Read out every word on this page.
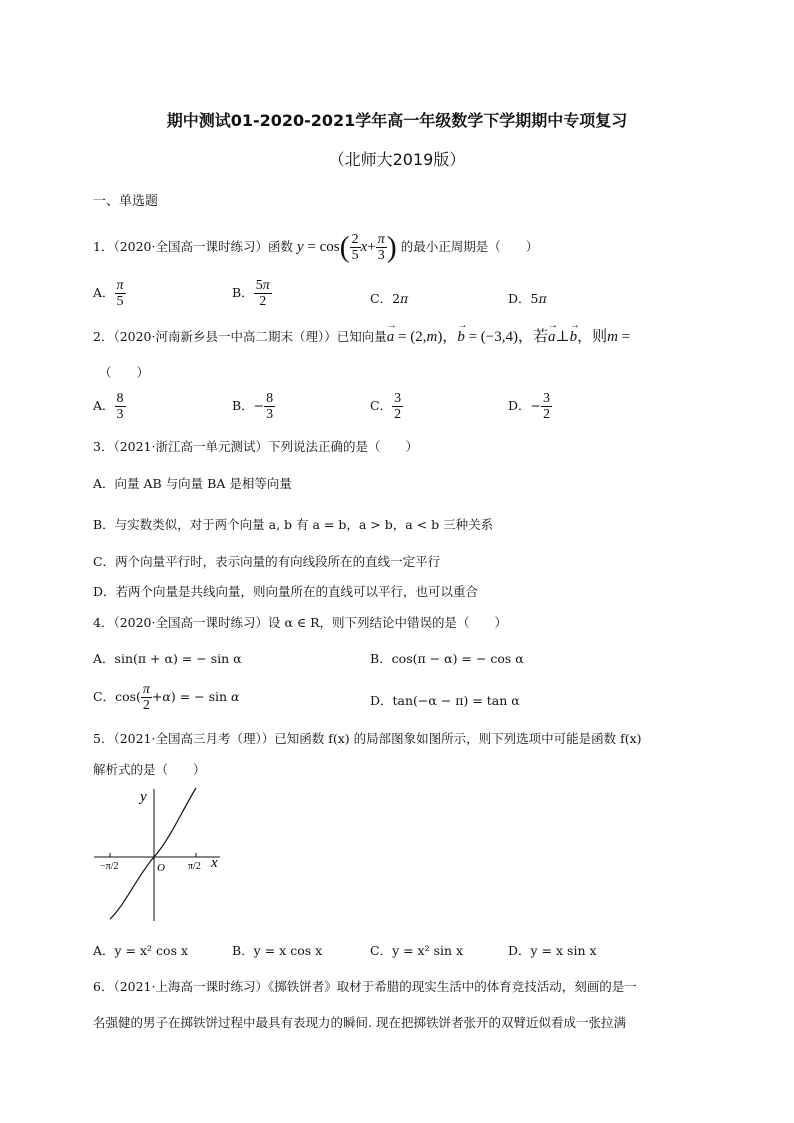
期中测试01-2020-2021学年高一年级数学下学期期中专项复习
（北师大2019版）
一、单选题
1．（2020·全国高一课时练习）函数 $y = \cos( \frac{2}{5} x+ \frac{\pi}{3}$ ) 的最小正周期是（　　）
A． $\frac{\pi}{5}$	B． $\frac{5\pi}{2}$	C．2π	D．5π
2．（2020·河南新乡县一中高二期末（理））已知向量→ a = (2,m)，→ b = (−3,4)，若→ a⊥→ b，则m =
（　　）
A． $\frac{8}{3}$	B．− $\frac{8}{3}$	C． $\frac{3}{2}$	D．− $\frac{3}{2}$
3．（2021·浙江高一单元测试）下列说法正确的是（　　）
A．向量 AB 与向量 BA 是相等向量
B．与实数类似，对于两个向量 a, b 有 a = b，a > b，a < b 三种关系
C．两个向量平行时，表示向量的有向线段所在的直线一定平行
D．若两个向量是共线向量，则向量所在的直线可以平行，也可以重合
4．（2020·全国高一课时练习）设 α ∈ R，则下列结论中错误的是（　　）
A．sin(π + α) = − sin α	B．cos(π − α) = − cos α
C．$\cos( \frac{\pi}{2} +\alpha)$ = − sin α	D．tan(−α − π) = tan α
5．（2021·全国高三月考（理））已知函数 f(x) 的局部图象如图所示，则下列选项中可能是函数 f(x)
解析式的是（　　）
y
x
O
−π/2	π/2
A．y = x² cos x	B．y = x cos x	C．y = x² sin x	D．y = x sin x
6．（2021·上海高一课时练习）《掷铁饼者》取材于希腊的现实生活中的体育竞技活动，刻画的是一
名强健的男子在掷铁饼过程中最具有表现力的瞬间. 现在把掷铁饼者张开的双臂近似看成一张拉满
